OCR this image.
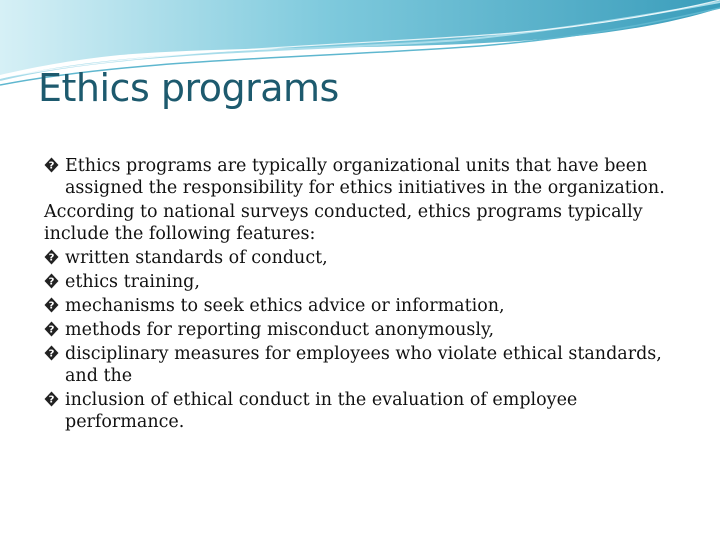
Ethics programs

? Ethics programs are typically organizational units that have been assigned the responsibility for ethics initiatives in the organization.

According to national surveys conducted, ethics programs typically include the following features:

? written standards of conduct,

? ethics training,

? mechanisms to seek ethics advice or information,

? methods for reporting misconduct anonymously,

? disciplinary measures for employees who violate ethical standards, and the

? inclusion of ethical conduct in the evaluation of employee performance.
